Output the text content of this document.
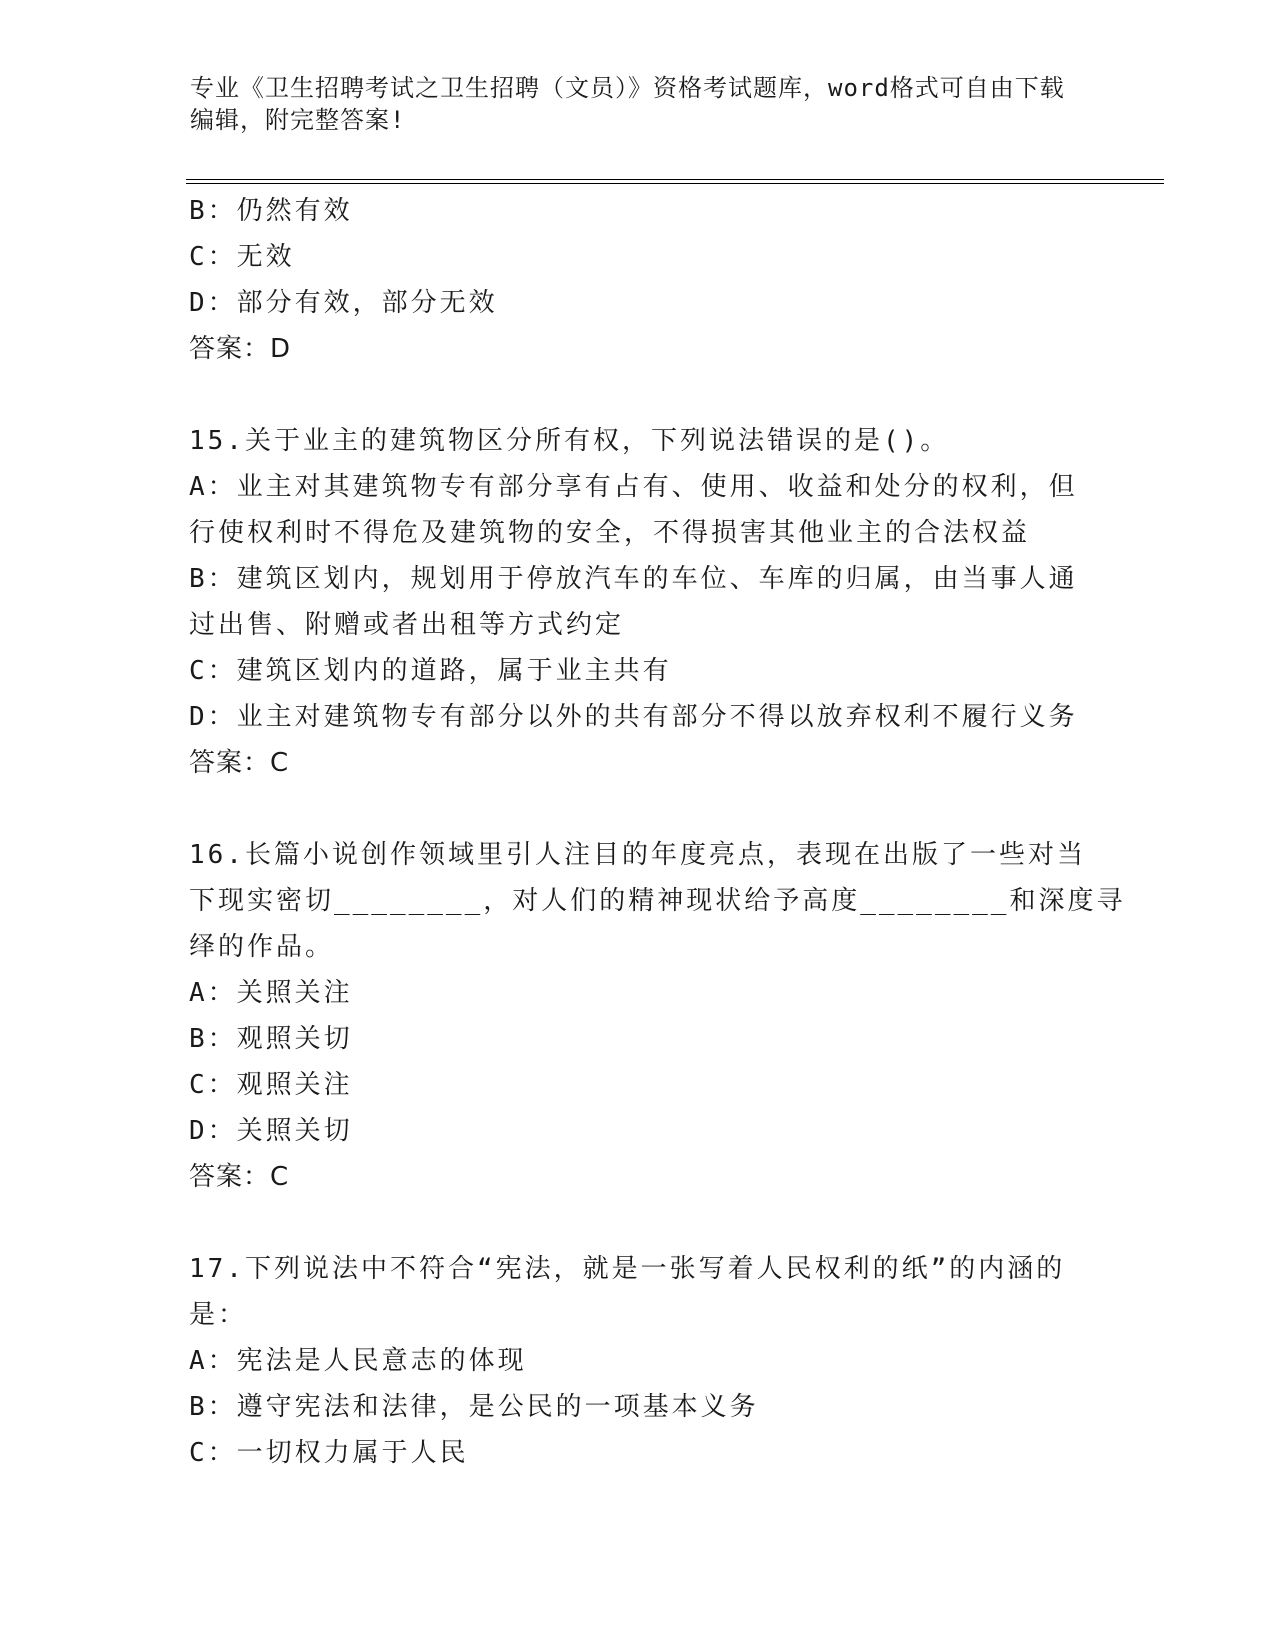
专业《卫生招聘考试之卫生招聘（文员）》资格考试题库，word格式可自由下载
编辑，附完整答案!
B：仍然有效
C：无效
D：部分有效，部分无效
答案：D
15.关于业主的建筑物区分所有权，下列说法错误的是()。
A：业主对其建筑物专有部分享有占有、使用、收益和处分的权利，但
行使权利时不得危及建筑物的安全，不得损害其他业主的合法权益
B：建筑区划内，规划用于停放汽车的车位、车库的归属，由当事人通
过出售、附赠或者出租等方式约定
C：建筑区划内的道路，属于业主共有
D：业主对建筑物专有部分以外的共有部分不得以放弃权利不履行义务
答案：C
16.长篇小说创作领域里引人注目的年度亮点，表现在出版了一些对当
下现实密切________，对人们的精神现状给予高度________和深度寻
绎的作品。
A：关照关注
B：观照关切
C：观照关注
D：关照关切
答案：C
17.下列说法中不符合“宪法，就是一张写着人民权利的纸”的内涵的
是：
A：宪法是人民意志的体现
B：遵守宪法和法律，是公民的一项基本义务
C：一切权力属于人民
